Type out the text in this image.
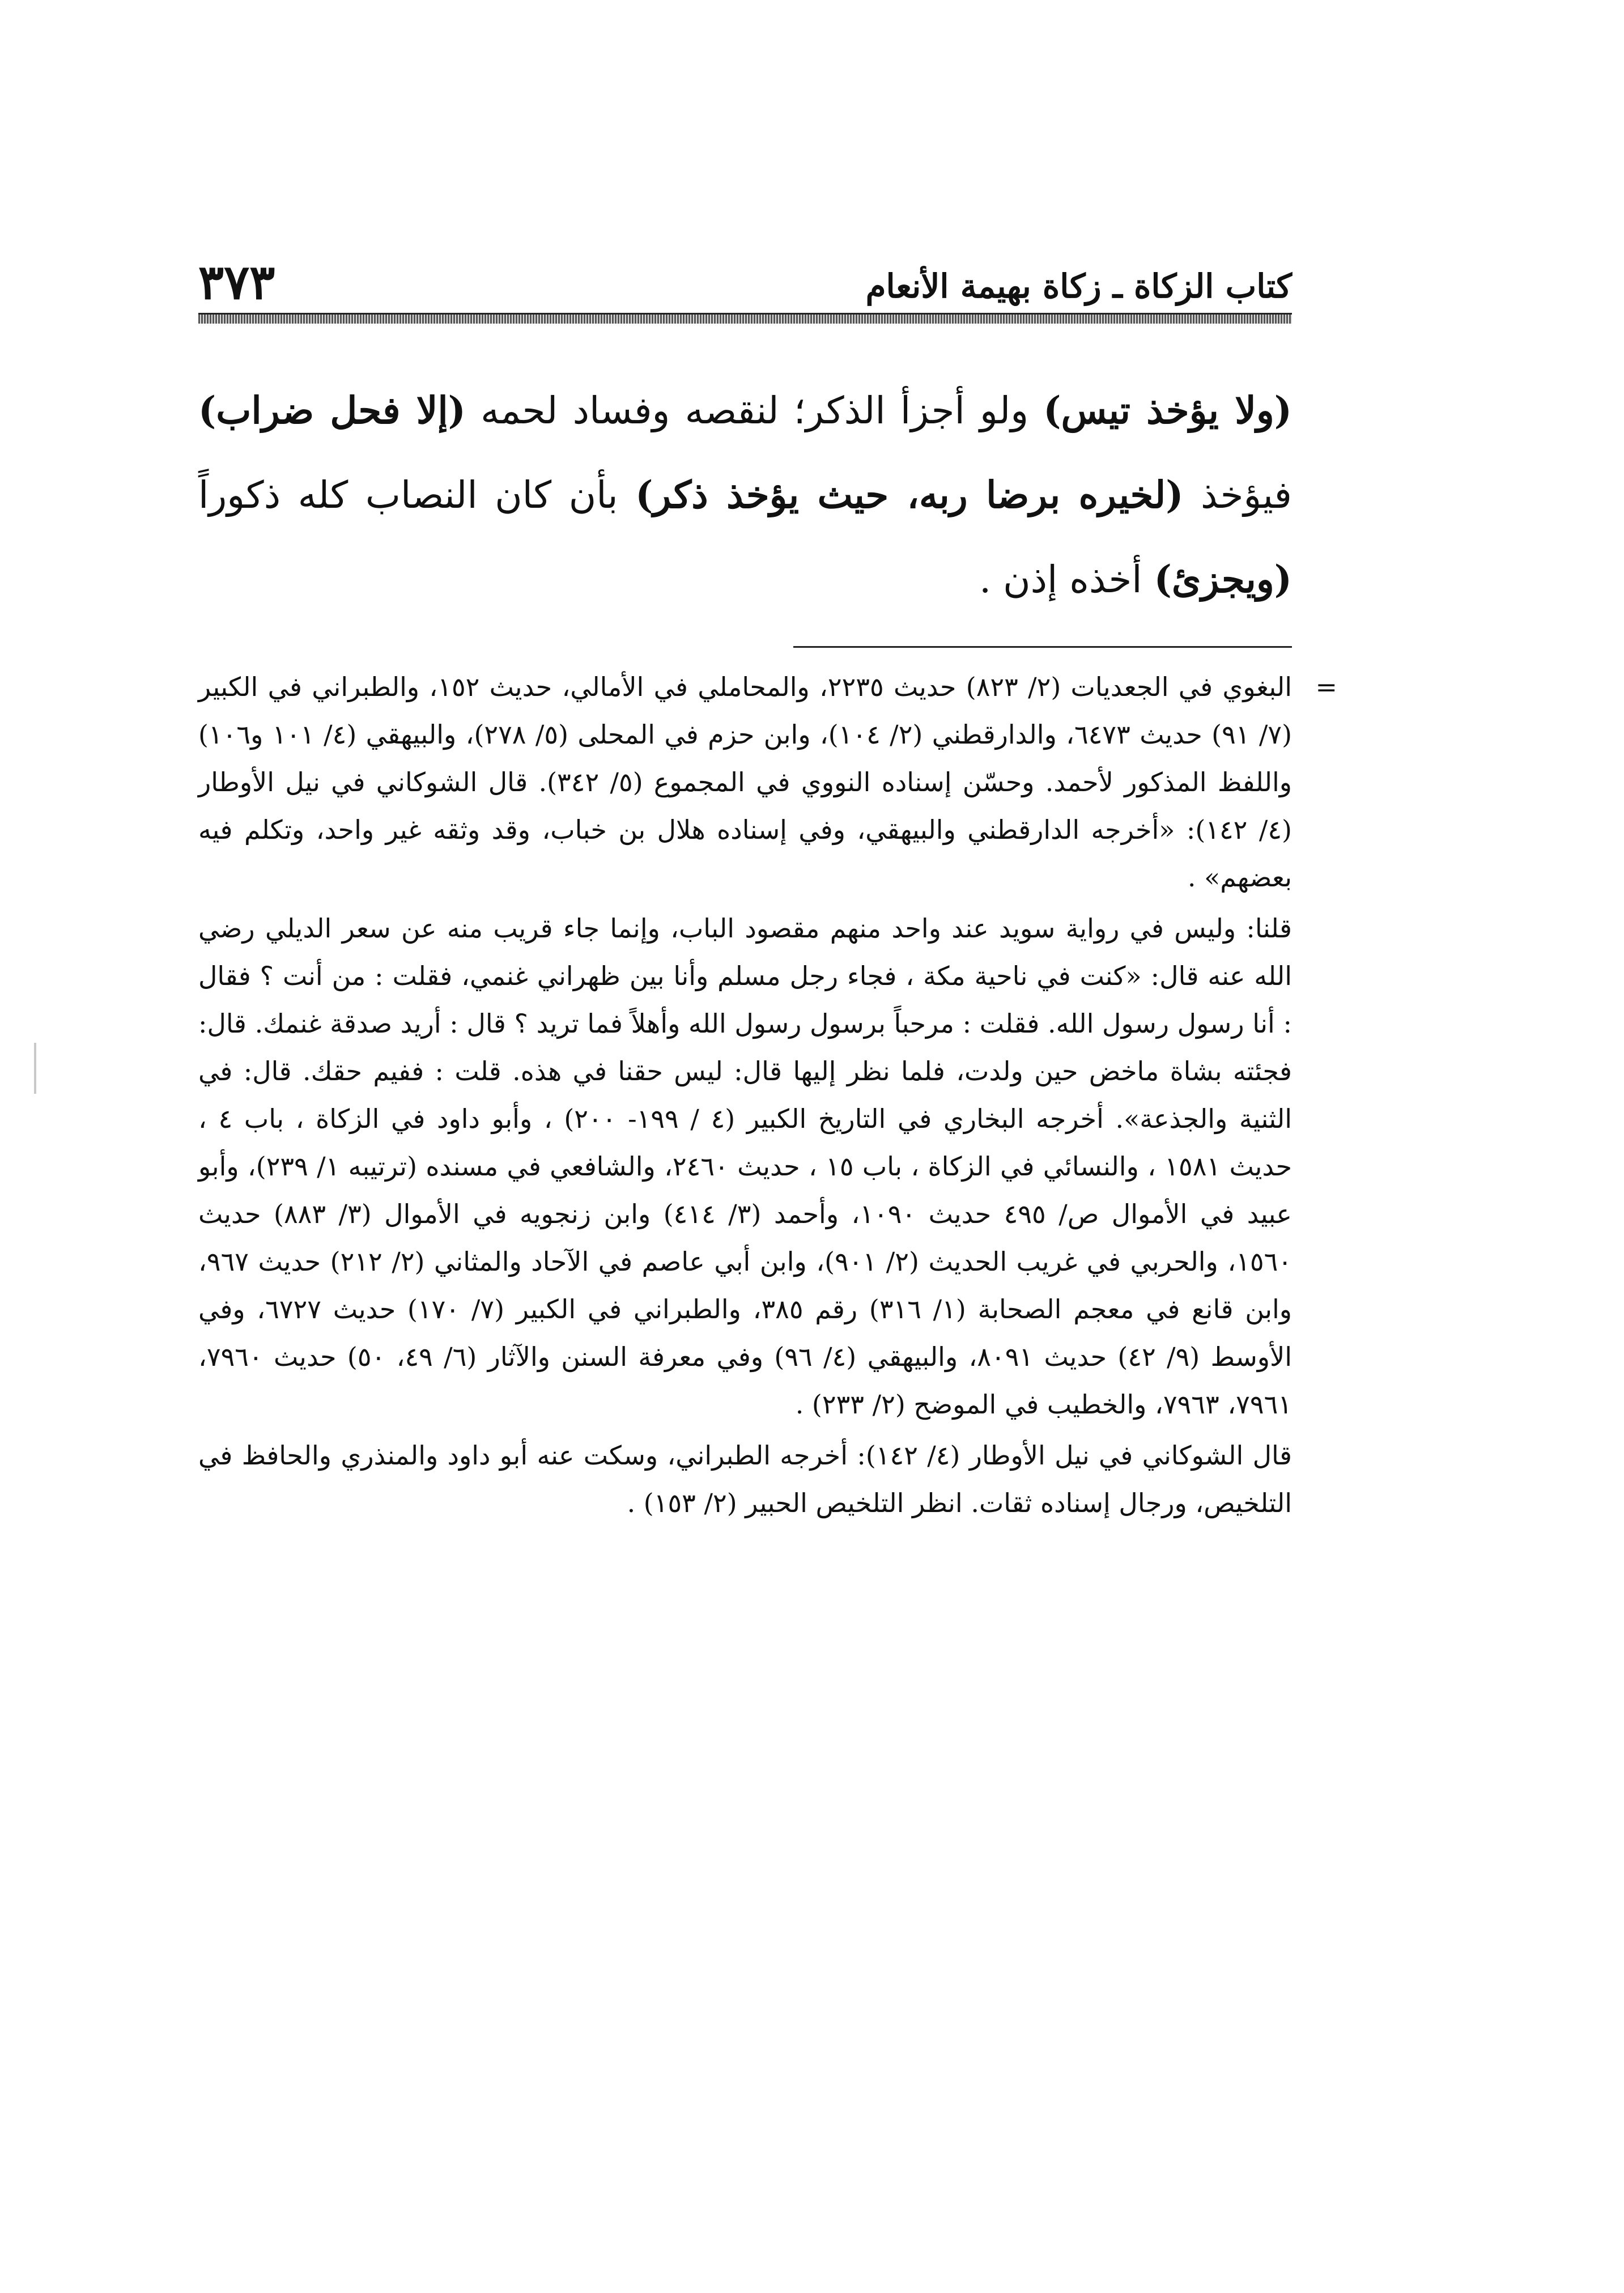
كتاب الزكاة ـ زكاة بهيمة الأنعام
٣٧٣
(ولا يؤخذ تيس) ولو أجزأ الذكر؛ لنقصه وفساد لحمه (إلا فحل ضراب) فيؤخذ (لخيره برضا ربه، حيث يؤخذ ذكر) بأن كان النصاب كله ذكوراً (ويجزئ) أخذه إذن .

=
البغوي في الجعديات (٢/ ٨٢٣) حديث ٢٢٣٥، والمحاملي في الأمالي، حديث ١٥٢، والطبراني في الكبير (٧/ ٩١) حديث ٦٤٧٣، والدارقطني (٢/ ١٠٤)، وابن حزم في المحلى (٥/ ٢٧٨)، والبيهقي (٤/ ١٠١ و١٠٦) واللفظ المذكور لأحمد. وحسّن إسناده النووي في المجموع (٥/ ٣٤٢). قال الشوكاني في نيل الأوطار (٤/ ١٤٢): «أخرجه الدارقطني والبيهقي، وفي إسناده هلال بن خباب، وقد وثقه غير واحد، وتكلم فيه بعضهم» .

قلنا: وليس في رواية سويد عند واحد منهم مقصود الباب، وإنما جاء قريب منه عن سعر الديلي رضي الله عنه قال: «كنت في ناحية مكة ، فجاء رجل مسلم وأنا بين ظهراني غنمي، فقلت : من أنت ؟ فقال : أنا رسول رسول الله. فقلت : مرحباً برسول رسول الله وأهلاً فما تريد ؟ قال : أريد صدقة غنمك. قال: فجئته بشاة ماخض حين ولدت، فلما نظر إليها قال: ليس حقنا في هذه. قلت : ففيم حقك. قال: في الثنية والجذعة». أخرجه البخاري في التاريخ الكبير (٤ / ١٩٩- ٢٠٠) ، وأبو داود في الزكاة ، باب ٤ ، حديث ١٥٨١ ، والنسائي في الزكاة ، باب ١٥ ، حديث ٢٤٦٠، والشافعي في مسنده (ترتيبه ١/ ٢٣٩)، وأبو عبيد في الأموال ص/ ٤٩٥ حديث ١٠٩٠، وأحمد (٣/ ٤١٤) وابن زنجويه في الأموال (٣/ ٨٨٣) حديث ١٥٦٠، والحربي في غريب الحديث (٢/ ٩٠١)، وابن أبي عاصم في الآحاد والمثاني (٢/ ٢١٢) حديث ٩٦٧، وابن قانع في معجم الصحابة (١/ ٣١٦) رقم ٣٨٥، والطبراني في الكبير (٧/ ١٧٠) حديث ٦٧٢٧، وفي الأوسط (٩/ ٤٢) حديث ٨٠٩١، والبيهقي (٤/ ٩٦) وفي معرفة السنن والآثار (٦/ ٤٩، ٥٠) حديث ٧٩٦٠، ٧٩٦١، ٧٩٦٣، والخطيب في الموضح (٢/ ٢٣٣) .

قال الشوكاني في نيل الأوطار (٤/ ١٤٢): أخرجه الطبراني، وسكت عنه أبو داود والمنذري والحافظ في التلخيص، ورجال إسناده ثقات. انظر التلخيص الحبير (٢/ ١٥٣) .
